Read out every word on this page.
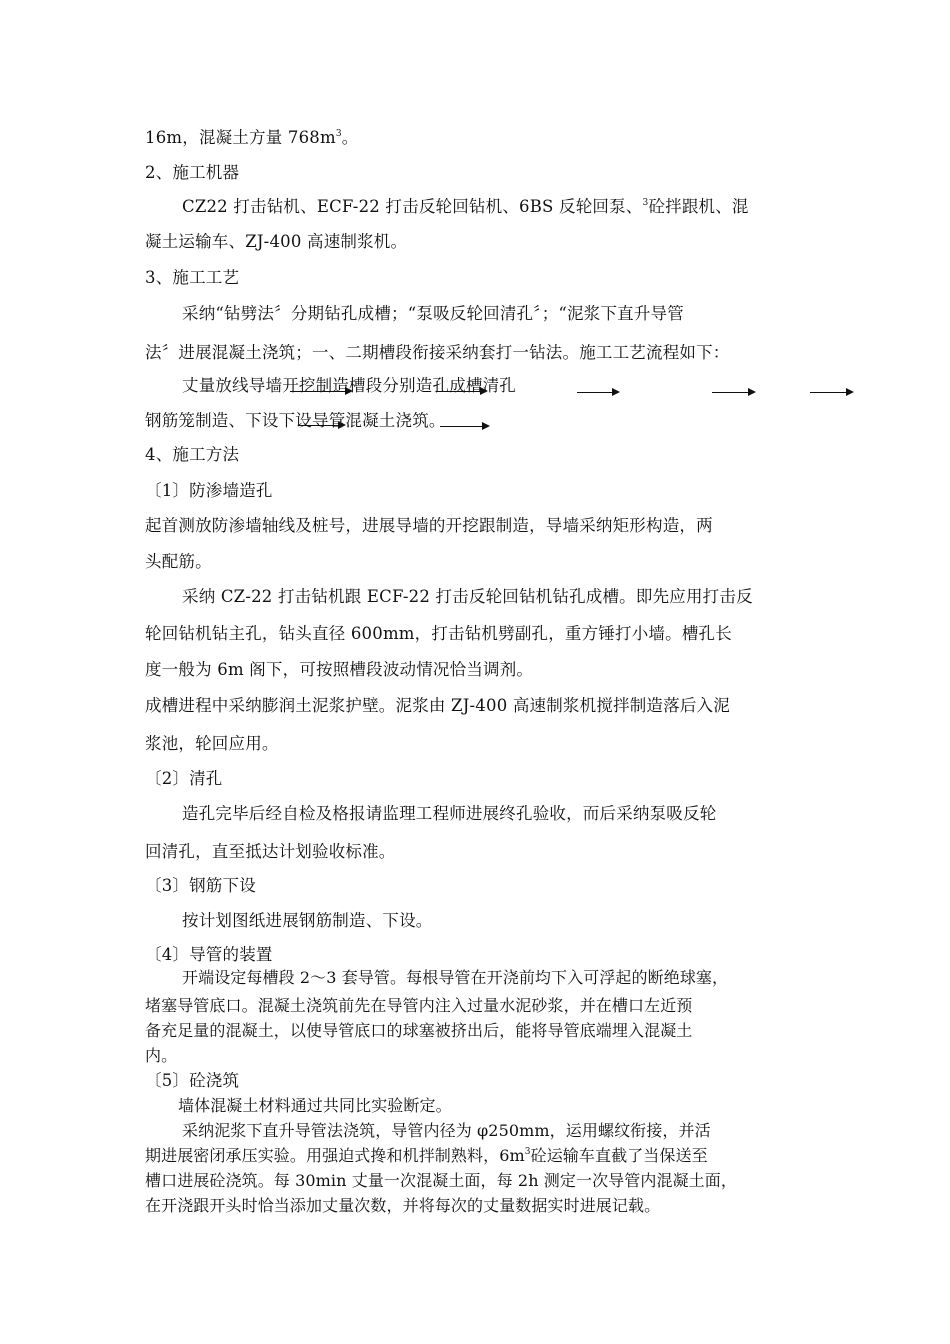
16m，混凝土方量 $768m^3$。
2、施工机器
CZ22 打击钻机、ECF-22 打击反轮回钻机、6BS 反轮回泵、$^3$砼拌跟机、混
凝土运输车、ZJ-400 高速制浆机。
3、施工工艺
采纳“钻劈法〞分期钻孔成槽；“泵吸反轮回清孔〞；“泥浆下直升导管
法〞进展混凝土浇筑；一、二期槽段衔接采纳套打一钻法。施工工艺流程如下：
丈量放线导墙开挖制造槽段分别造孔成槽清孔
钢筋笼制造、下设下设导管混凝土浇筑。
4、施工方法
〔1〕防渗墙造孔
起首测放防渗墙轴线及桩号，进展导墙的开挖跟制造，导墙采纳矩形构造，两
头配筋。
采纳 CZ-22 打击钻机跟 ECF-22 打击反轮回钻机钻孔成槽。即先应用打击反
轮回钻机钻主孔，钻头直径 600mm，打击钻机劈副孔，重方锤打小墙。槽孔长
度一般为 6m 阁下，可按照槽段波动情况恰当调剂。
成槽进程中采纳膨润土泥浆护壁。泥浆由 ZJ-400 高速制浆机搅拌制造落后入泥
浆池，轮回应用。
〔2〕清孔
造孔完毕后经自检及格报请监理工程师进展终孔验收，而后采纳泵吸反轮
回清孔，直至抵达计划验收标准。
〔3〕钢筋下设
按计划图纸进展钢筋制造、下设。
〔4〕导管的装置
开端设定每槽段 2～3 套导管。每根导管在开浇前均下入可浮起的断绝球塞，
堵塞导管底口。混凝土浇筑前先在导管内注入过量水泥砂浆，并在槽口左近预
备充足量的混凝土，以使导管底口的球塞被挤出后，能将导管底端埋入混凝土
内。
〔5〕砼浇筑
墙体混凝土材料通过共同比实验断定。
采纳泥浆下直升导管法浇筑，导管内径为 φ250mm，运用螺纹衔接，并活
期进展密闭承压实验。用强迫式搀和机拌制熟料，$6m^3$砼运输车直截了当保送至
槽口进展砼浇筑。每 30min 丈量一次混凝土面，每 2h 测定一次导管内混凝土面，
在开浇跟开头时恰当添加丈量次数，并将每次的丈量数据实时进展记载。
